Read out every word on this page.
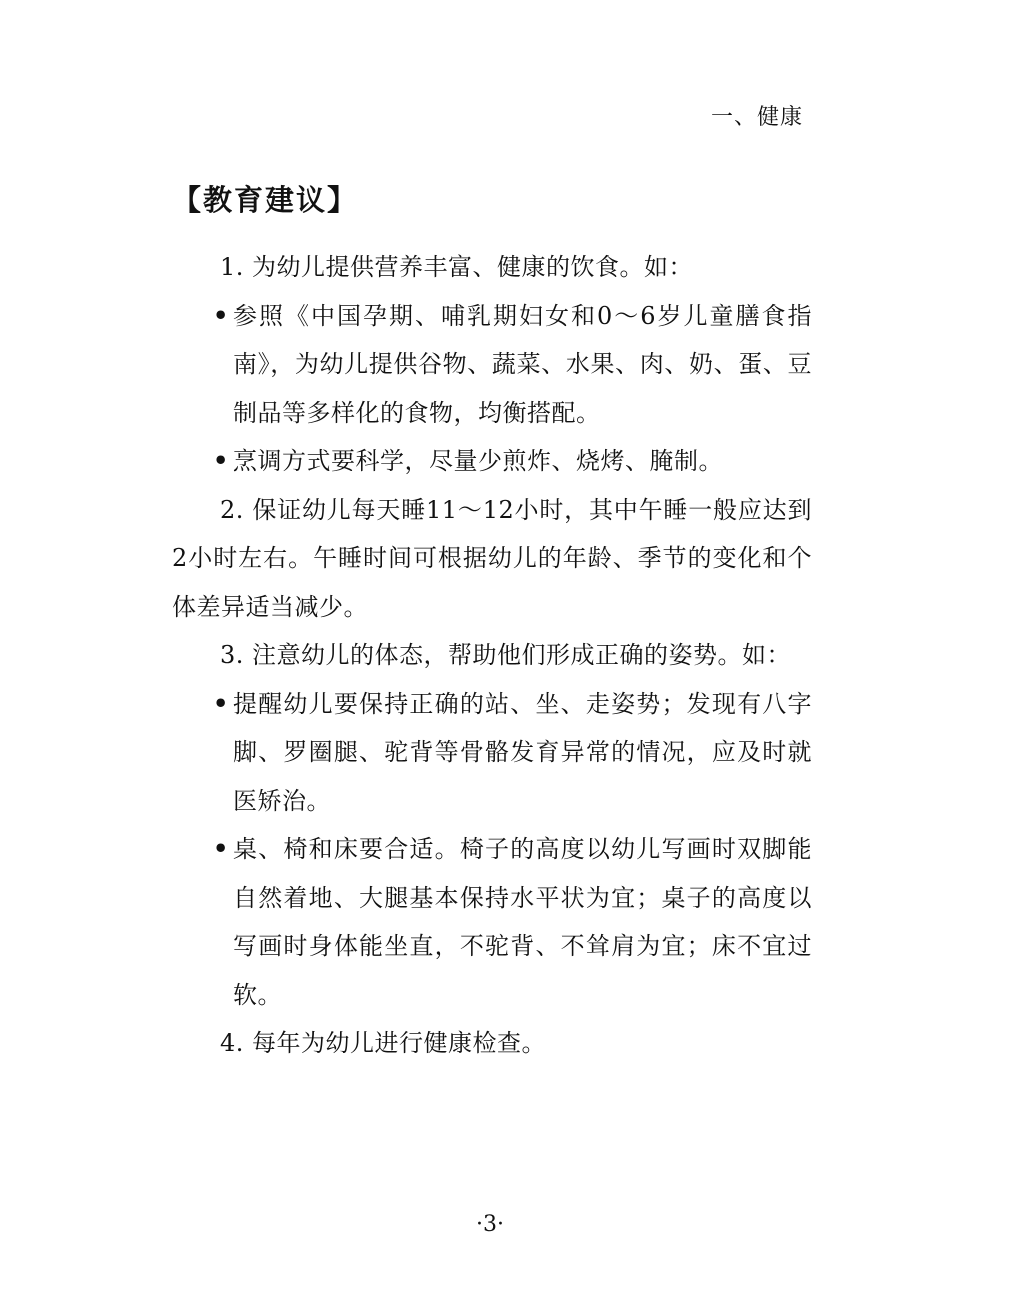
一、健康
【教育建议】

1. 为幼儿提供营养丰富、健康的饮食。如：

• 参照《中国孕期、哺乳期妇女和0～6岁儿童膳食指南》，为幼儿提供谷物、蔬菜、水果、肉、奶、蛋、豆制品等多样化的食物，均衡搭配。
• 烹调方式要科学，尽量少煎炸、烧烤、腌制。

2. 保证幼儿每天睡11～12小时，其中午睡一般应达到2小时左右。午睡时间可根据幼儿的年龄、季节的变化和个体差异适当减少。

3. 注意幼儿的体态，帮助他们形成正确的姿势。如：

• 提醒幼儿要保持正确的站、坐、走姿势；发现有八字脚、罗圈腿、驼背等骨骼发育异常的情况，应及时就医矫治。
• 桌、椅和床要合适。椅子的高度以幼儿写画时双脚能自然着地、大腿基本保持水平状为宜；桌子的高度以写画时身体能坐直，不驼背、不耸肩为宜；床不宜过软。

4. 每年为幼儿进行健康检查。

·3·
